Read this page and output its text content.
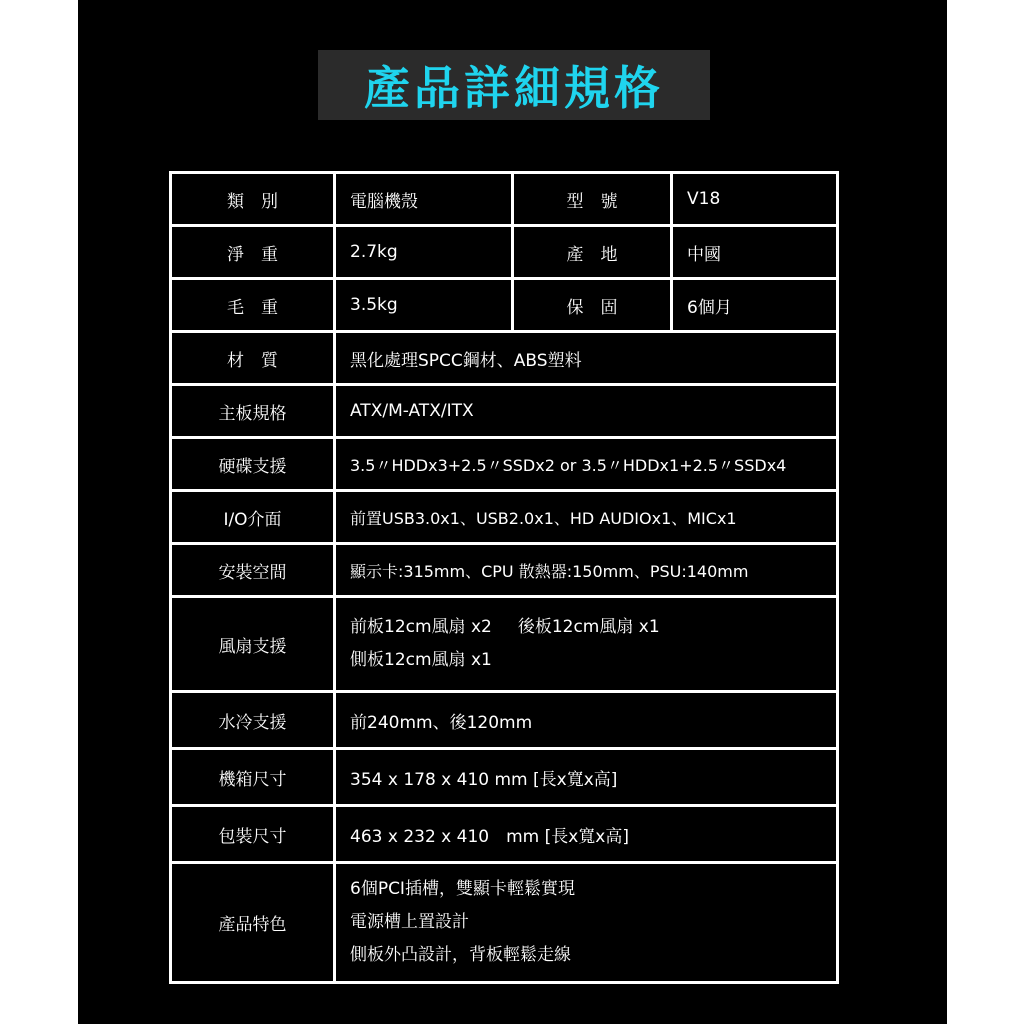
產品詳細規格
類　別	電腦機殼	型　號	V18
淨　重	2.7kg	產　地	中國
毛　重	3.5kg	保　固	6個月
材　質	黑化處理SPCC鋼材、ABS塑料		
主板規格	ATX/M-ATX/ITX		
硬碟支援	3.5〃HDDx3+2.5〃SSDx2 or 3.5〃HDDx1+2.5〃SSDx4		
I/O介面	前置USB3.0x1、USB2.0x1、HD AUDIOx1、MICx1		
安裝空間	顯示卡:315mm、CPU 散熱器:150mm、PSU:140mm		
風扇支援	前板12cm風扇 x2 後板12cm風扇 x1
側板12cm風扇 x1		

水冷支援	前240mm、後120mm		
機箱尺寸	354 x 178 x 410 mm [長x寬x高]		
包裝尺寸	463 x 232 x 410　mm [長x寬x高]		
產品特色	6個PCI插槽，雙顯卡輕鬆實現
電源槽上置設計
側板外凸設計，背板輕鬆走線		
